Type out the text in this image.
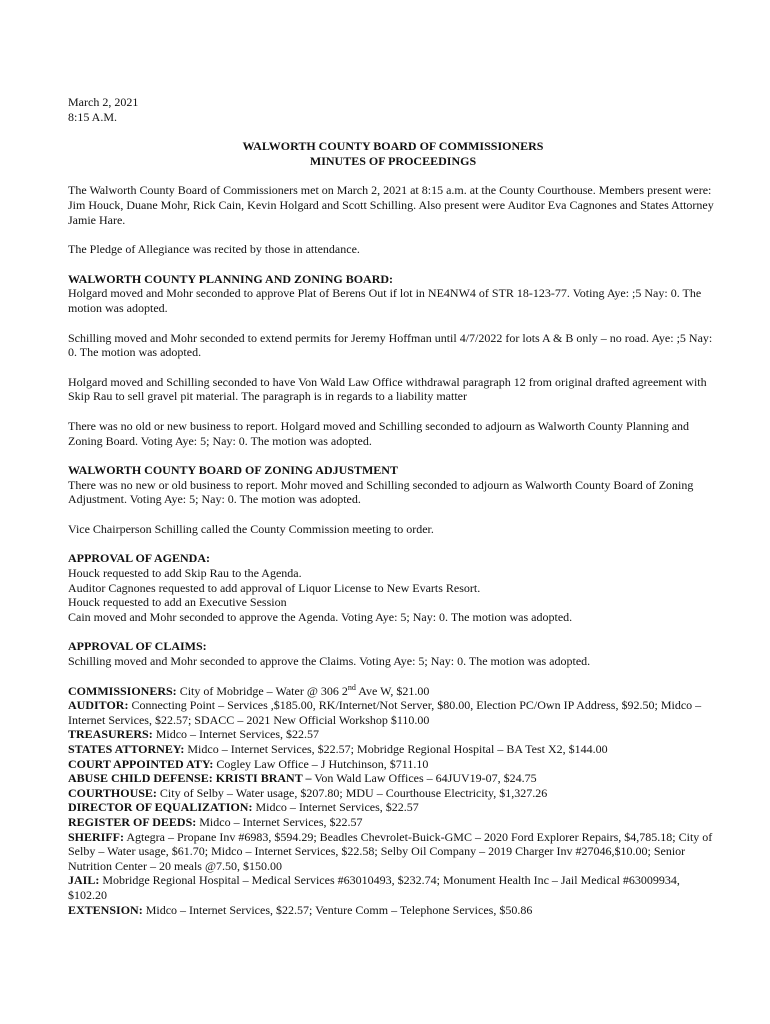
March 2, 2021
8:15 A.M.
WALWORTH COUNTY BOARD OF COMMISSIONERS
MINUTES OF PROCEEDINGS

The Walworth County Board of Commissioners met on March 2, 2021 at 8:15 a.m. at the County Courthouse. Members present were: Jim Houck, Duane Mohr, Rick Cain, Kevin Holgard and Scott Schilling. Also present were Auditor Eva Cagnones and States Attorney Jamie Hare.

The Pledge of Allegiance was recited by those in attendance.

WALWORTH COUNTY PLANNING AND ZONING BOARD:
Holgard moved and Mohr seconded to approve Plat of Berens Out if lot in NE4NW4 of STR 18-123-77. Voting Aye: ;5 Nay: 0. The motion was adopted.

Schilling moved and Mohr seconded to extend permits for Jeremy Hoffman until 4/7/2022 for lots A & B only – no road. Aye: ;5 Nay: 0. The motion was adopted.

Holgard moved and Schilling seconded to have Von Wald Law Office withdrawal paragraph 12 from original drafted agreement with Skip Rau to sell gravel pit material. The paragraph is in regards to a liability matter

There was no old or new business to report. Holgard moved and Schilling seconded to adjourn as Walworth County Planning and Zoning Board. Voting Aye: 5; Nay: 0. The motion was adopted.

WALWORTH COUNTY BOARD OF ZONING ADJUSTMENT
There was no new or old business to report. Mohr moved and Schilling seconded to adjourn as Walworth County Board of Zoning Adjustment. Voting Aye: 5; Nay: 0. The motion was adopted.

Vice Chairperson Schilling called the County Commission meeting to order.

APPROVAL OF AGENDA:
Houck requested to add Skip Rau to the Agenda.
Auditor Cagnones requested to add approval of Liquor License to New Evarts Resort.
Houck requested to add an Executive Session
Cain moved and Mohr seconded to approve the Agenda. Voting Aye: 5; Nay: 0. The motion was adopted.
APPROVAL OF CLAIMS:
Schilling moved and Mohr seconded to approve the Claims. Voting Aye: 5; Nay: 0. The motion was adopted.
COMMISSIONERS: City of Mobridge – Water @ 306 2nd Ave W, $21.00
AUDITOR: Connecting Point – Services ,$185.00, RK/Internet/Not Server, $80.00, Election PC/Own IP Address, $92.50; Midco – Internet Services, $22.57; SDACC – 2021 New Official Workshop $110.00
TREASURERS: Midco – Internet Services, $22.57
STATES ATTORNEY: Midco – Internet Services, $22.57; Mobridge Regional Hospital – BA Test X2, $144.00
COURT APPOINTED ATY: Cogley Law Office – J Hutchinson, $711.10
ABUSE CHILD DEFENSE: KRISTI BRANT – Von Wald Law Offices – 64JUV19-07, $24.75
COURTHOUSE: City of Selby – Water usage, $207.80; MDU – Courthouse Electricity, $1,327.26
DIRECTOR OF EQUALIZATION: Midco – Internet Services, $22.57
REGISTER OF DEEDS: Midco – Internet Services, $22.57
SHERIFF: Agtegra – Propane Inv #6983, $594.29; Beadles Chevrolet-Buick-GMC – 2020 Ford Explorer Repairs, $4,785.18; City of Selby – Water usage, $61.70; Midco – Internet Services, $22.58; Selby Oil Company – 2019 Charger Inv #27046,$10.00; Senior Nutrition Center – 20 meals @7.50, $150.00
JAIL: Mobridge Regional Hospital – Medical Services #63010493, $232.74; Monument Health Inc – Jail Medical #63009934, $102.20
EXTENSION: Midco – Internet Services, $22.57; Venture Comm – Telephone Services, $50.86
